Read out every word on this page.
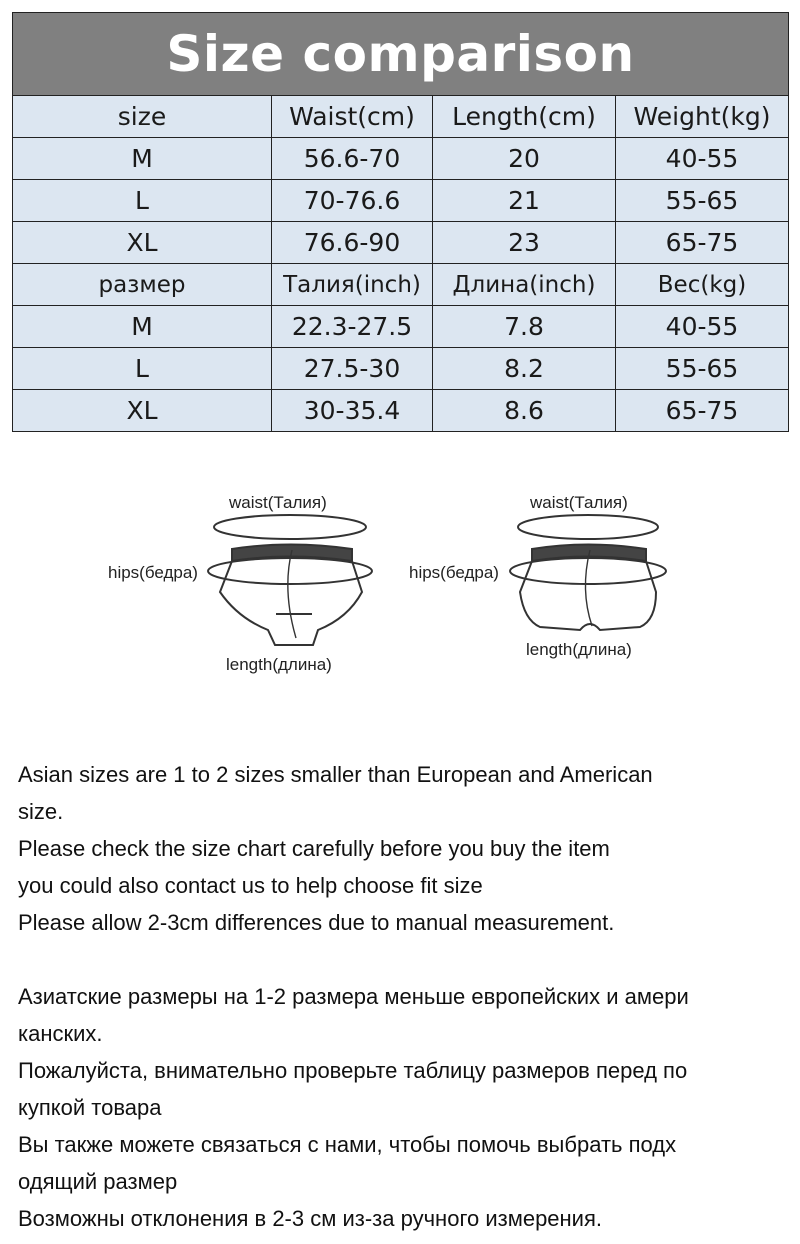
Size comparison			
size	Waist(cm)	Length(cm)	Weight(kg)
M	56.6-70	20	40-55
L	70-76.6	21	55-65
XL	76.6-90	23	65-75
размер	Талия(inch)	Длина(inch)	Вес(kg)
M	22.3-27.5	7.8	40-55
L	27.5-30	8.2	55-65
XL	30-35.4	8.6	65-75
waist(Талия)
hips(бедра)
length(длина)
waist(Талия)
hips(бедра)
length(длина)

Asian sizes are 1 to 2 sizes smaller than European and American

size.

Please check the size chart carefully before you buy the item

you could also contact us to help choose fit size

Please allow 2-3cm differences due to manual measurement.

Азиатские размеры на 1-2 размера меньше европейских и амери

канских.

Пожалуйста, внимательно проверьте таблицу размеров перед по

купкой товара

Вы также можете связаться с нами, чтобы помочь выбрать подх

одящий размер

Возможны отклонения в 2-3 см из-за ручного измерения.
